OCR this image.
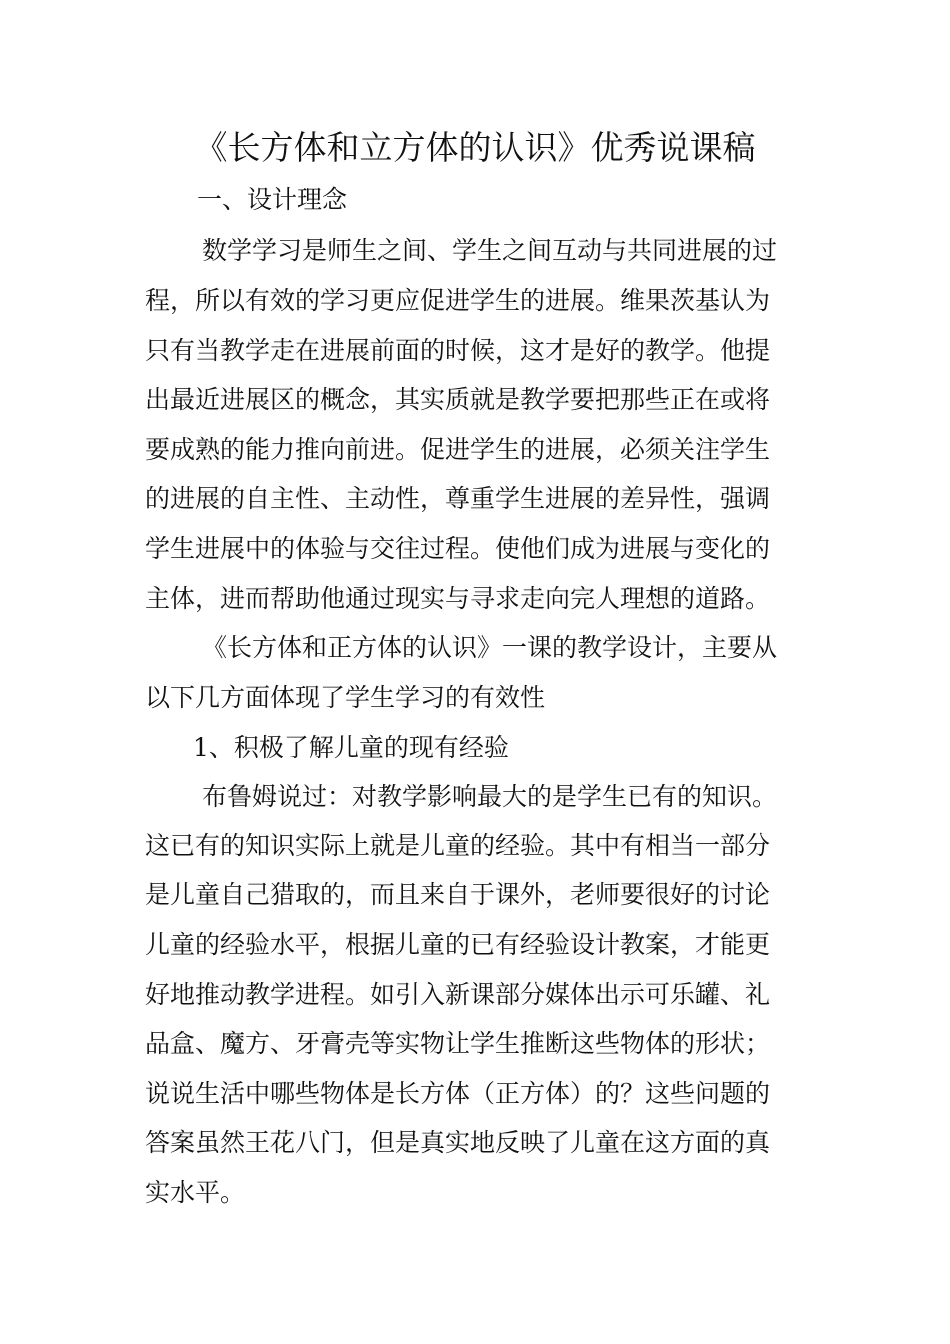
《长方体和立方体的认识》优秀说课稿

一、设计理念

数学学习是师生之间、学生之间互动与共同进展的过

程，所以有效的学习更应促进学生的进展。维果茨基认为

只有当教学走在进展前面的时候，这才是好的教学。他提

出最近进展区的概念，其实质就是教学要把那些正在或将

要成熟的能力推向前进。促进学生的进展，必须关注学生

的进展的自主性、主动性，尊重学生进展的差异性，强调

学生进展中的体验与交往过程。使他们成为进展与变化的

主体，进而帮助他通过现实与寻求走向完人理想的道路。

《长方体和正方体的认识》一课的教学设计，主要从

以下几方面体现了学生学习的有效性

1、积极了解儿童的现有经验

布鲁姆说过：对教学影响最大的是学生已有的知识。

这已有的知识实际上就是儿童的经验。其中有相当一部分

是儿童自己猎取的，而且来自于课外，老师要很好的讨论

儿童的经验水平，根据儿童的已有经验设计教案，才能更

好地推动教学进程。如引入新课部分媒体出示可乐罐、礼

品盒、魔方、牙膏壳等实物让学生推断这些物体的形状；

说说生活中哪些物体是长方体（正方体）的？这些问题的

答案虽然王花八门，但是真实地反映了儿童在这方面的真

实水平。
